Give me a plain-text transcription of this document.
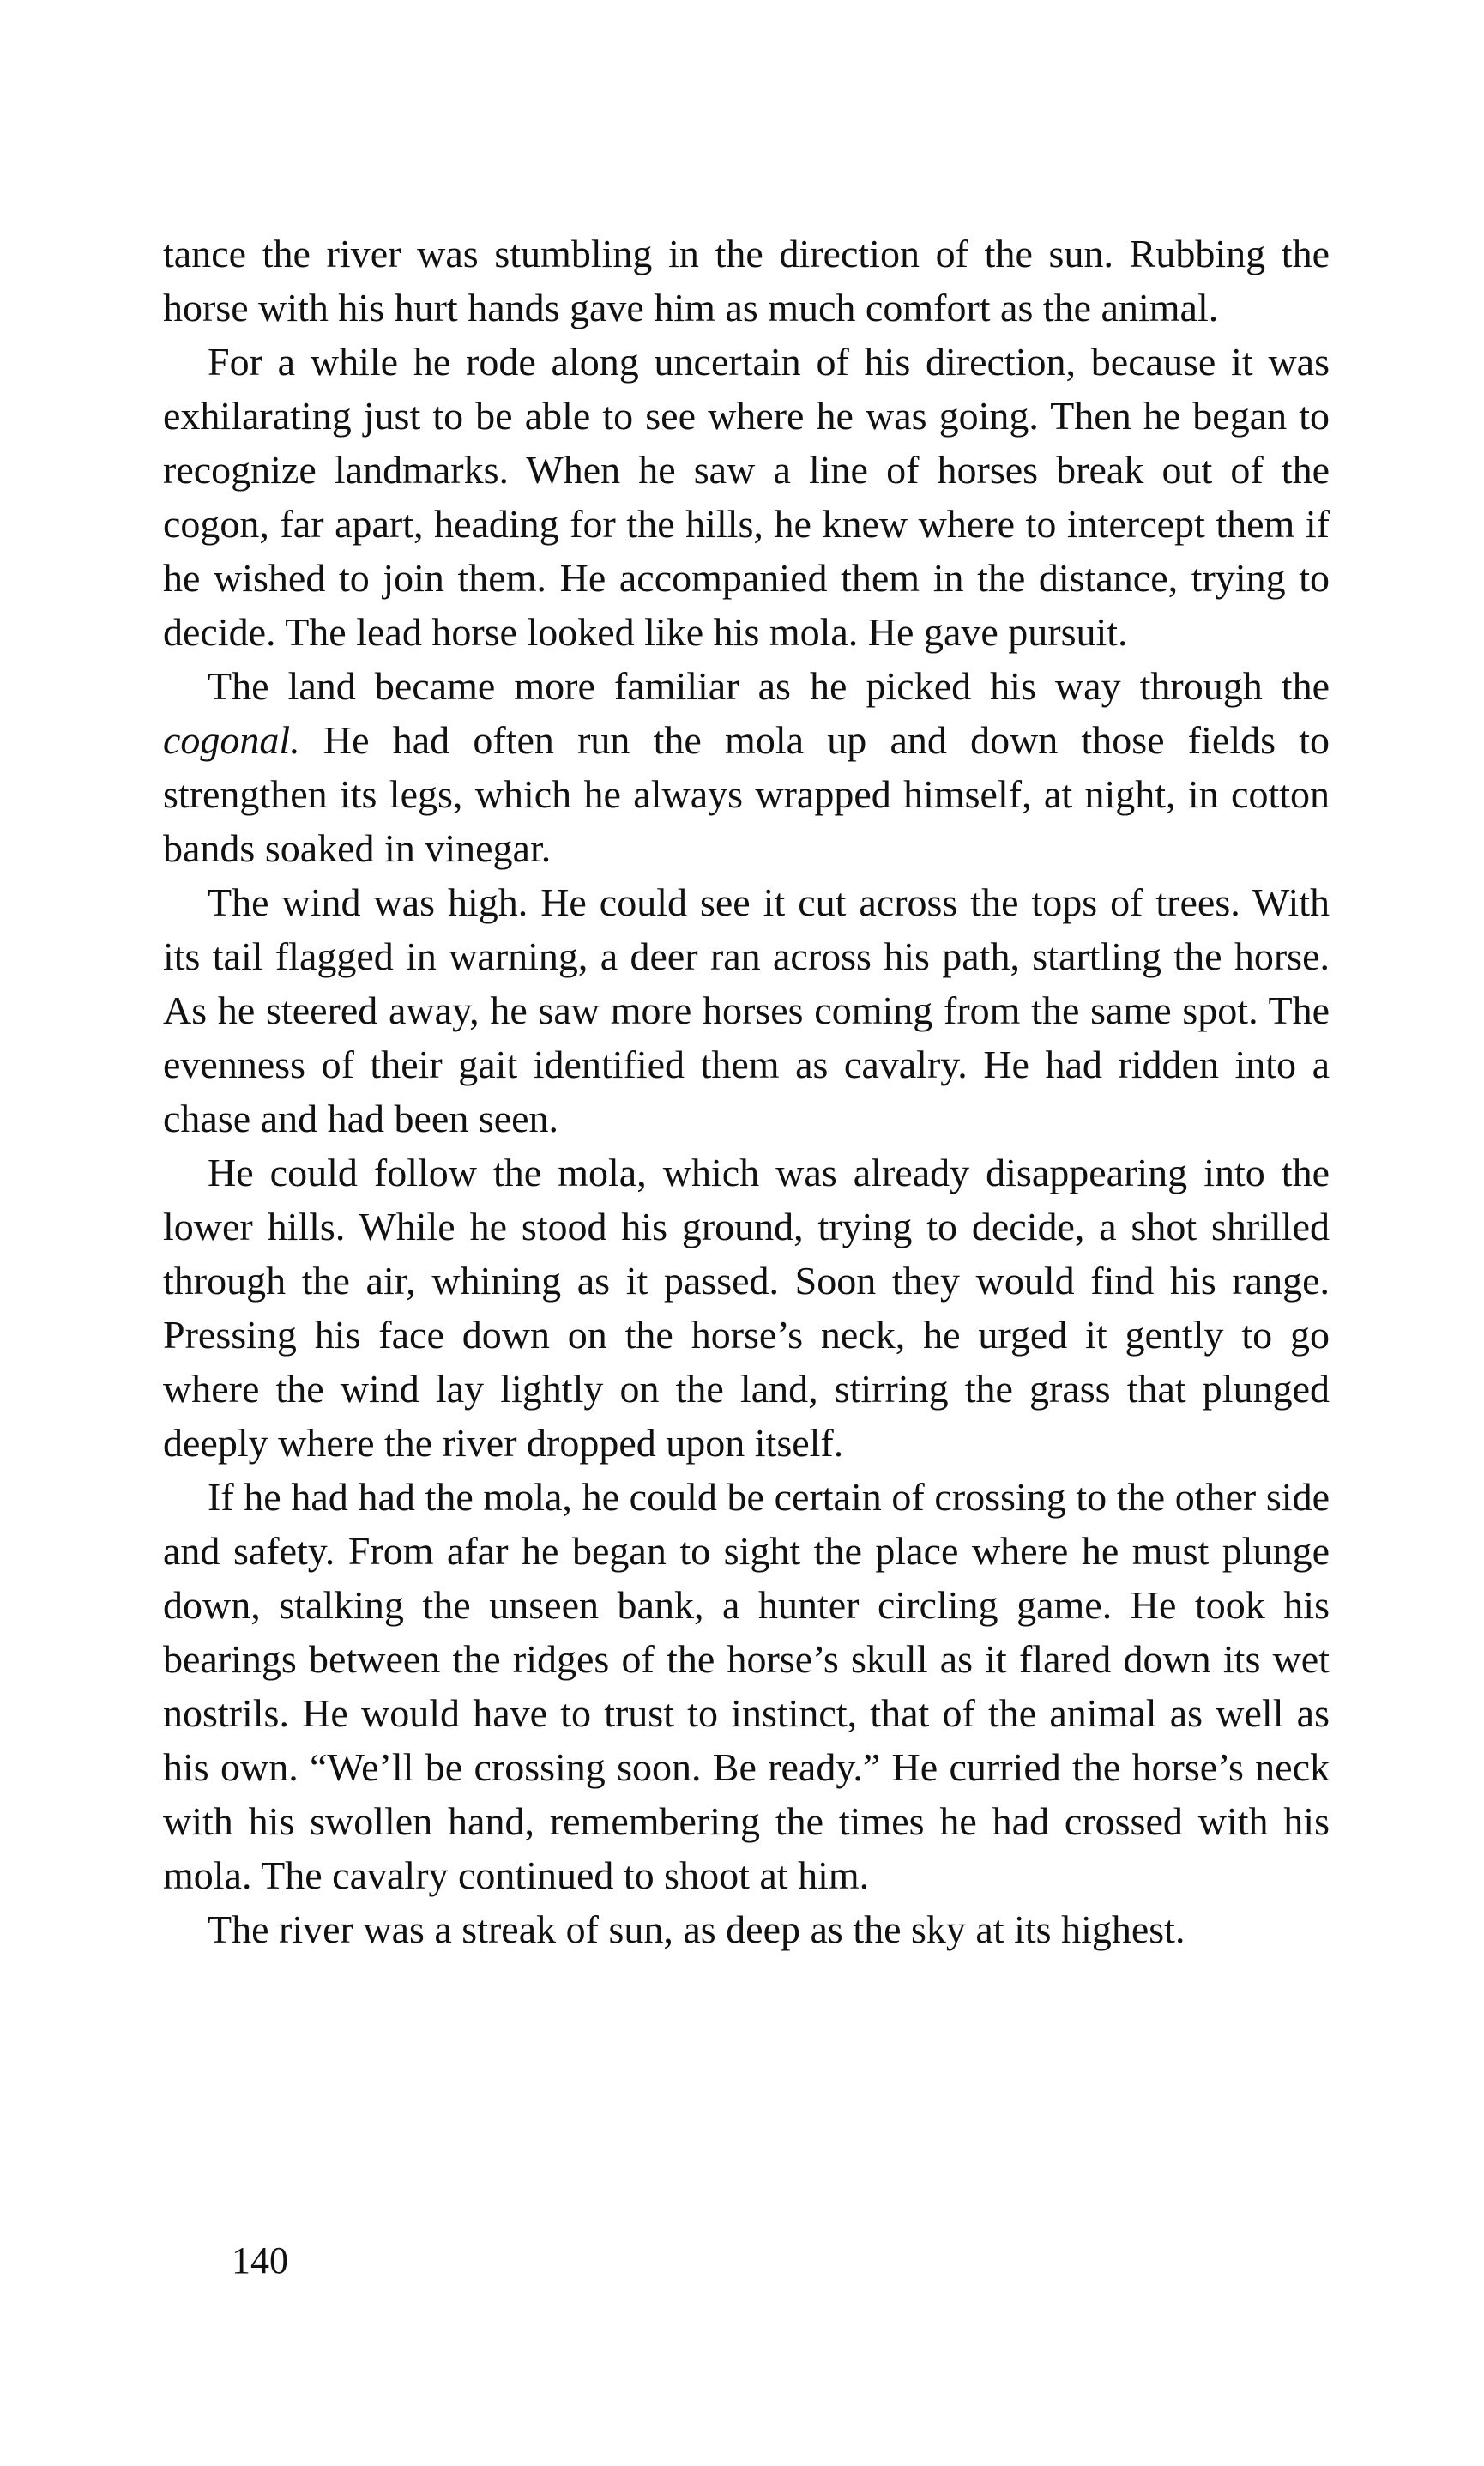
tance the river was stumbling in the direction of the sun. Rubbing the horse with his hurt hands gave him as much comfort as the animal.

For a while he rode along uncertain of his direction, because it was exhilarating just to be able to see where he was going. Then he began to recognize landmarks. When he saw a line of horses break out of the cogon, far apart, heading for the hills, he knew where to intercept them if he wished to join them. He accompanied them in the distance, trying to decide. The lead horse looked like his mola. He gave pursuit.

The land became more familiar as he picked his way through the cogonal. He had often run the mola up and down those fields to strengthen its legs, which he always wrapped himself, at night, in cotton bands soaked in vinegar.

The wind was high. He could see it cut across the tops of trees. With its tail flagged in warning, a deer ran across his path, startling the horse. As he steered away, he saw more horses coming from the same spot. The evenness of their gait identified them as cavalry. He had ridden into a chase and had been seen.

He could follow the mola, which was already disappearing into the lower hills. While he stood his ground, trying to decide, a shot shrilled through the air, whining as it passed. Soon they would find his range. Pressing his face down on the horse’s neck, he urged it gently to go where the wind lay lightly on the land, stirring the grass that plunged deeply where the river dropped upon itself.

If he had had the mola, he could be certain of crossing to the other side and safety. From afar he began to sight the place where he must plunge down, stalking the unseen bank, a hunter circling game. He took his bearings between the ridges of the horse’s skull as it flared down its wet nostrils. He would have to trust to instinct, that of the animal as well as his own. “We’ll be crossing soon. Be ready.” He curried the horse’s neck with his swollen hand, remembering the times he had crossed with his mola. The cavalry continued to shoot at him.

The river was a streak of sun, as deep as the sky at its highest.

140
